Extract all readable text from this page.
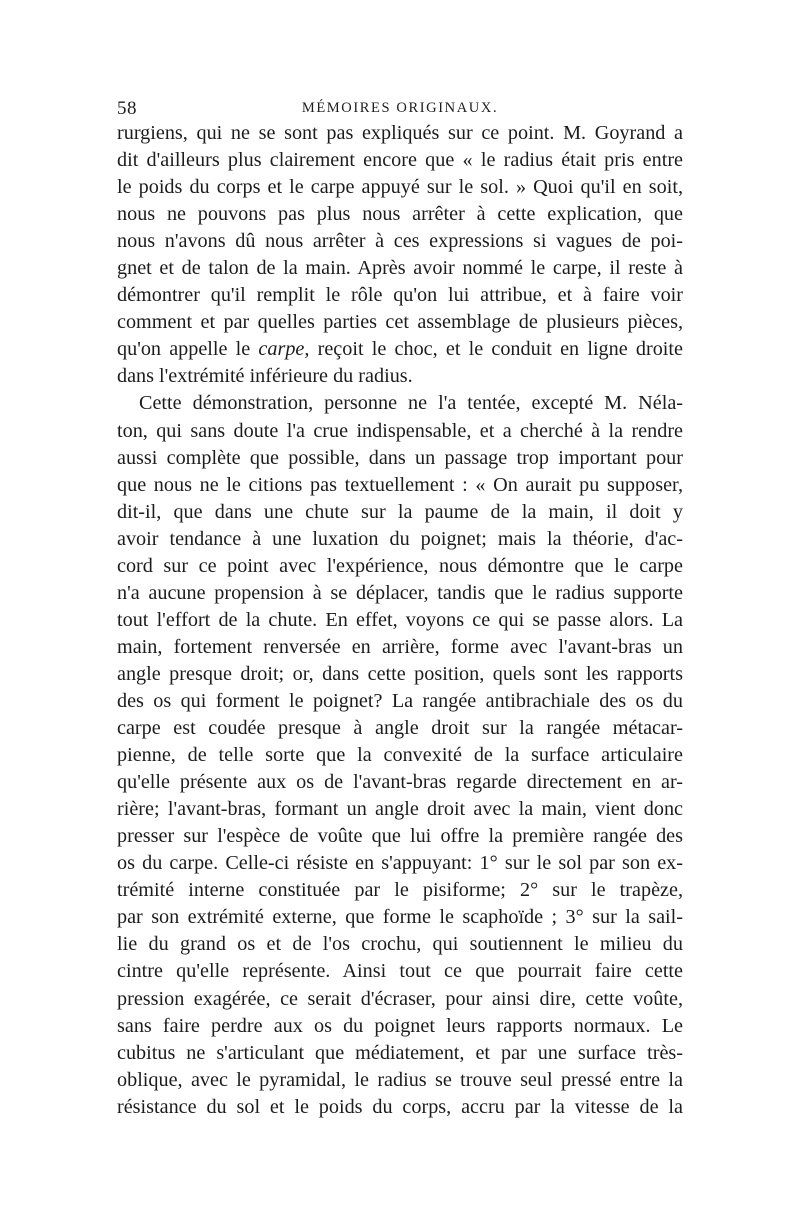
58	MÉMOIRES ORIGINAUX.
rurgiens, qui ne se sont pas expliqués sur ce point. M. Goyrand a
dit d'ailleurs plus clairement encore que « le radius était pris entre
le poids du corps et le carpe appuyé sur le sol. » Quoi qu'il en soit,
nous ne pouvons pas plus nous arrêter à cette explication, que
nous n'avons dû nous arrêter à ces expressions si vagues de poi-
gnet et de talon de la main. Après avoir nommé le carpe, il reste à
démontrer qu'il remplit le rôle qu'on lui attribue, et à faire voir
comment et par quelles parties cet assemblage de plusieurs pièces,
qu'on appelle le carpe, reçoit le choc, et le conduit en ligne droite
dans l'extrémité inférieure du radius.
Cette démonstration, personne ne l'a tentée, excepté M. Néla-
ton, qui sans doute l'a crue indispensable, et a cherché à la rendre
aussi complète que possible, dans un passage trop important pour
que nous ne le citions pas textuellement : « On aurait pu supposer,
dit-il, que dans une chute sur la paume de la main, il doit y
avoir tendance à une luxation du poignet; mais la théorie, d'ac-
cord sur ce point avec l'expérience, nous démontre que le carpe
n'a aucune propension à se déplacer, tandis que le radius supporte
tout l'effort de la chute. En effet, voyons ce qui se passe alors. La
main, fortement renversée en arrière, forme avec l'avant-bras un
angle presque droit; or, dans cette position, quels sont les rapports
des os qui forment le poignet? La rangée antibrachiale des os du
carpe est coudée presque à angle droit sur la rangée métacar-
pienne, de telle sorte que la convexité de la surface articulaire
qu'elle présente aux os de l'avant-bras regarde directement en ar-
rière; l'avant-bras, formant un angle droit avec la main, vient donc
presser sur l'espèce de voûte que lui offre la première rangée des
os du carpe. Celle-ci résiste en s'appuyant: 1° sur le sol par son ex-
trémité interne constituée par le pisiforme; 2° sur le trapèze,
par son extrémité externe, que forme le scaphoïde ; 3° sur la sail-
lie du grand os et de l'os crochu, qui soutiennent le milieu du
cintre qu'elle représente. Ainsi tout ce que pourrait faire cette
pression exagérée, ce serait d'écraser, pour ainsi dire, cette voûte,
sans faire perdre aux os du poignet leurs rapports normaux. Le
cubitus ne s'articulant que médiatement, et par une surface très-
oblique, avec le pyramidal, le radius se trouve seul pressé entre la
résistance du sol et le poids du corps, accru par la vitesse de la
